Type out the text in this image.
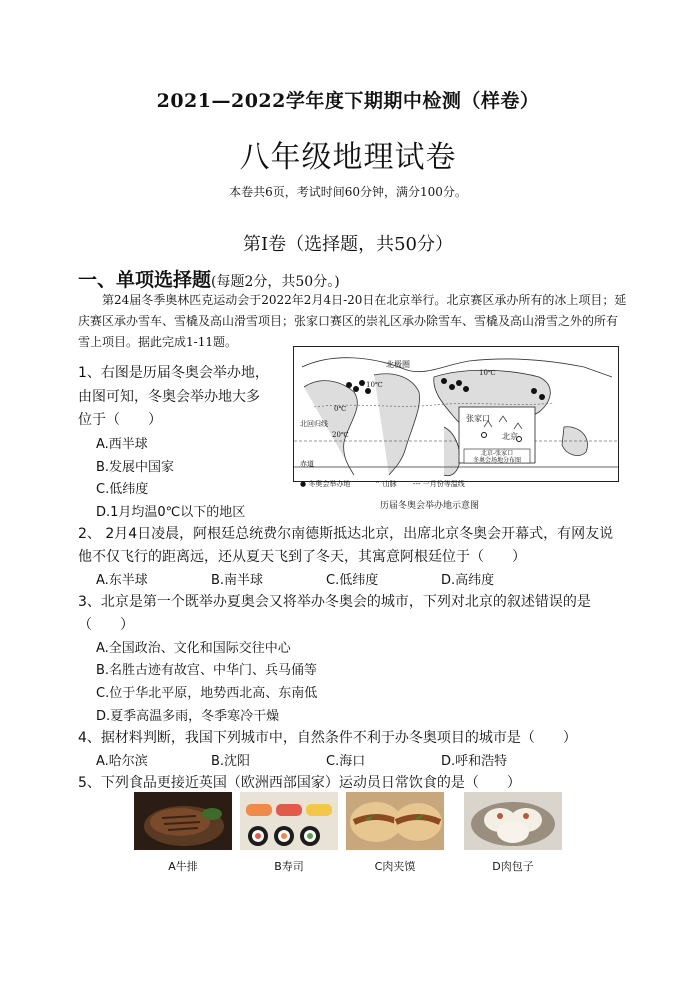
2021—2022学年度下期期中检测（样卷）
八年级地理试卷
本卷共6页，考试时间60分钟，满分100分。
第Ⅰ卷（选择题，共50分）
一、单项选择题(每题2分，共50分。)
第24届冬季奥林匹克运动会于2022年2月4日-20日在北京举行。北京赛区承办所有的冰上项目；延庆赛区承办雪车、雪橇及高山滑雪项目；张家口赛区的崇礼区承办除雪车、雪橇及高山滑雪之外的所有雪上项目。据此完成1-11题。
1、右图是历届冬奥会举办地，
由图可知，冬奥会举办地大多
位于（　　）
A.西半球
B.发展中国家
C.低纬度
D.1月均温0℃以下的地区
北极圈
10℃
0℃
北回归线
20℃
10℃
赤道
张家口
北京
北京-张家口
冬奥会场地分布图
● 冬奥会举办地	⌃ 山脉 --- 一月份等温线
历届冬奥会举办地示意图
2、 2月4日凌晨，阿根廷总统费尔南德斯抵达北京，出席北京冬奥会开幕式，有网友说
他不仅飞行的距离远，还从夏天飞到了冬天，其寓意阿根廷位于（　　）
A.东半球	B.南半球	C.低纬度	D.高纬度
3、北京是第一个既举办夏奥会又将举办冬奥会的城市，下列对北京的叙述错误的是
（　　）
A.全国政治、文化和国际交往中心
B.名胜古迹有故宫、中华门、兵马俑等
C.位于华北平原，地势西北高、东南低
D.夏季高温多雨，冬季寒冷干燥
4、据材料判断，我国下列城市中，自然条件不利于办冬奥项目的城市是（　　）
A.哈尔滨	B.沈阳	C.海口	D.呼和浩特
5、下列食品更接近英国（欧洲西部国家）运动员日常饮食的是（　　）
A牛排	B寿司	C肉夹馍	D肉包子
